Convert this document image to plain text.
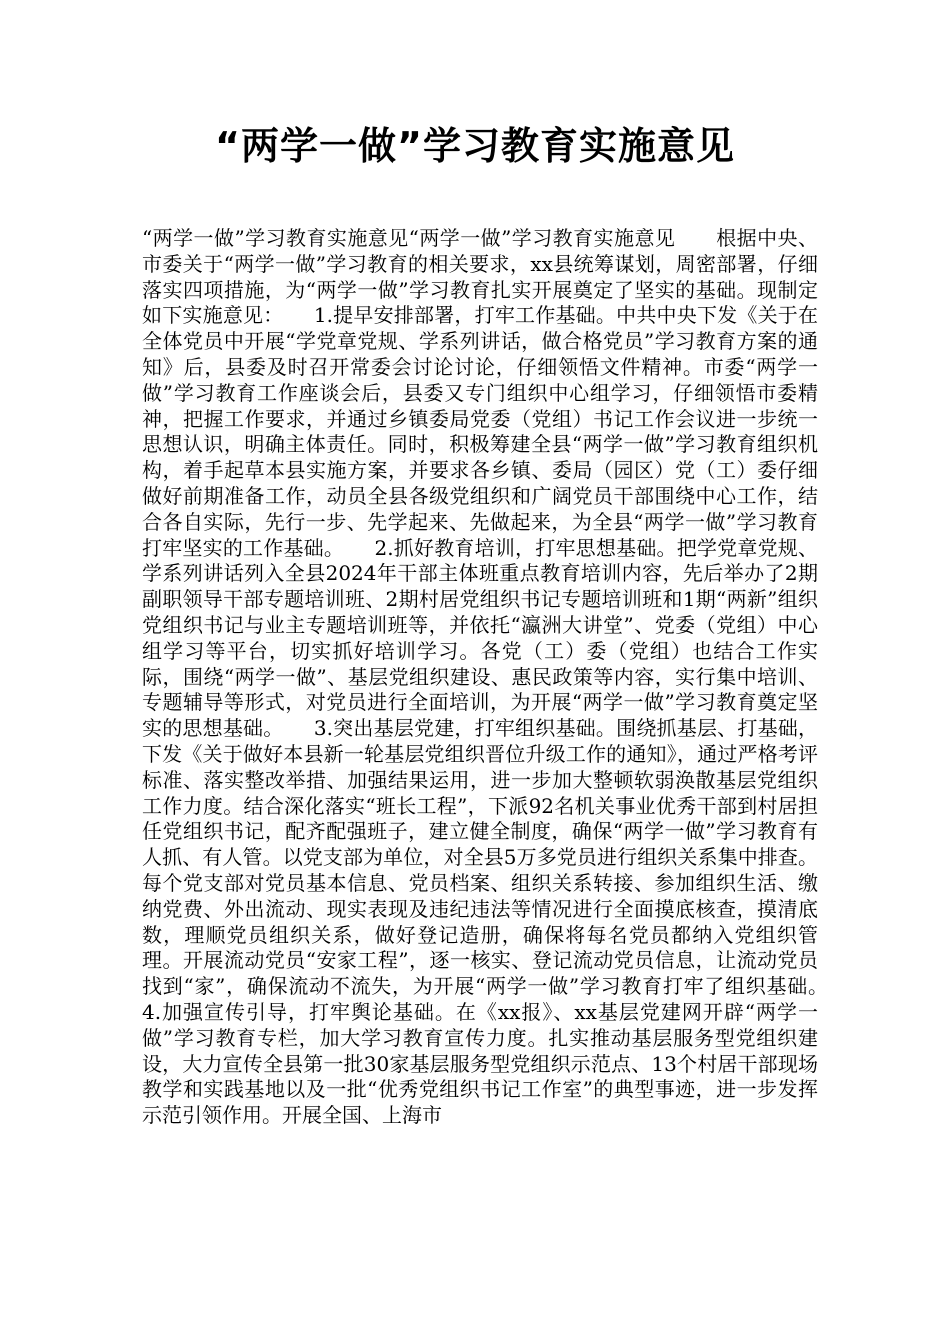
“两学一做”学习教育实施意见

“两学一做”学习教育实施意见“两学一做”学习教育实施意见　　根据中央、市委关于“两学一做”学习教育的相关要求，xx县统筹谋划，周密部署，仔细落实四项措施，为“两学一做”学习教育扎实开展奠定了坚实的基础。现制定如下实施意见：　　1.提早安排部署，打牢工作基础。中共中央下发《关于在全体党员中开展“学党章党规、学系列讲话，做合格党员”学习教育方案的通知》后，县委及时召开常委会讨论讨论，仔细领悟文件精神。市委“两学一做”学习教育工作座谈会后，县委又专门组织中心组学习，仔细领悟市委精神，把握工作要求，并通过乡镇委局党委（党组）书记工作会议进一步统一思想认识，明确主体责任。同时，积极筹建全县“两学一做”学习教育组织机构，着手起草本县实施方案，并要求各乡镇、委局（园区）党（工）委仔细做好前期准备工作，动员全县各级党组织和广阔党员干部围绕中心工作，结合各自实际，先行一步、先学起来、先做起来，为全县“两学一做”学习教育打牢坚实的工作基础。　　2.抓好教育培训，打牢思想基础。把学党章党规、学系列讲话列入全县2024年干部主体班重点教育培训内容，先后举办了2期副职领导干部专题培训班、2期村居党组织书记专题培训班和1期“两新”组织党组织书记与业主专题培训班等，并依托“瀛洲大讲堂”、党委（党组）中心组学习等平台，切实抓好培训学习。各党（工）委（党组）也结合工作实际，围绕“两学一做”、基层党组织建设、惠民政策等内容，实行集中培训、专题辅导等形式，对党员进行全面培训，为开展“两学一做”学习教育奠定坚实的思想基础。　　3.突出基层党建，打牢组织基础。围绕抓基层、打基础，下发《关于做好本县新一轮基层党组织晋位升级工作的通知》，通过严格考评标准、落实整改举措、加强结果运用，进一步加大整顿软弱涣散基层党组织工作力度。结合深化落实“班长工程”，下派92名机关事业优秀干部到村居担任党组织书记，配齐配强班子，建立健全制度，确保“两学一做”学习教育有人抓、有人管。以党支部为单位，对全县5万多党员进行组织关系集中排查。每个党支部对党员基本信息、党员档案、组织关系转接、参加组织生活、缴纳党费、外出流动、现实表现及违纪违法等情况进行全面摸底核查，摸清底数，理顺党员组织关系，做好登记造册，确保将每名党员都纳入党组织管理。开展流动党员“安家工程”，逐一核实、登记流动党员信息，让流动党员找到“家”，确保流动不流失，为开展“两学一做”学习教育打牢了组织基础。　　4.加强宣传引导，打牢舆论基础。在《xx报》、xx基层党建网开辟“两学一做”学习教育专栏，加大学习教育宣传力度。扎实推动基层服务型党组织建设，大力宣传全县第一批30家基层服务型党组织示范点、13个村居干部现场教学和实践基地以及一批“优秀党组织书记工作室”的典型事迹，进一步发挥示范引领作用。开展全国、上海市
